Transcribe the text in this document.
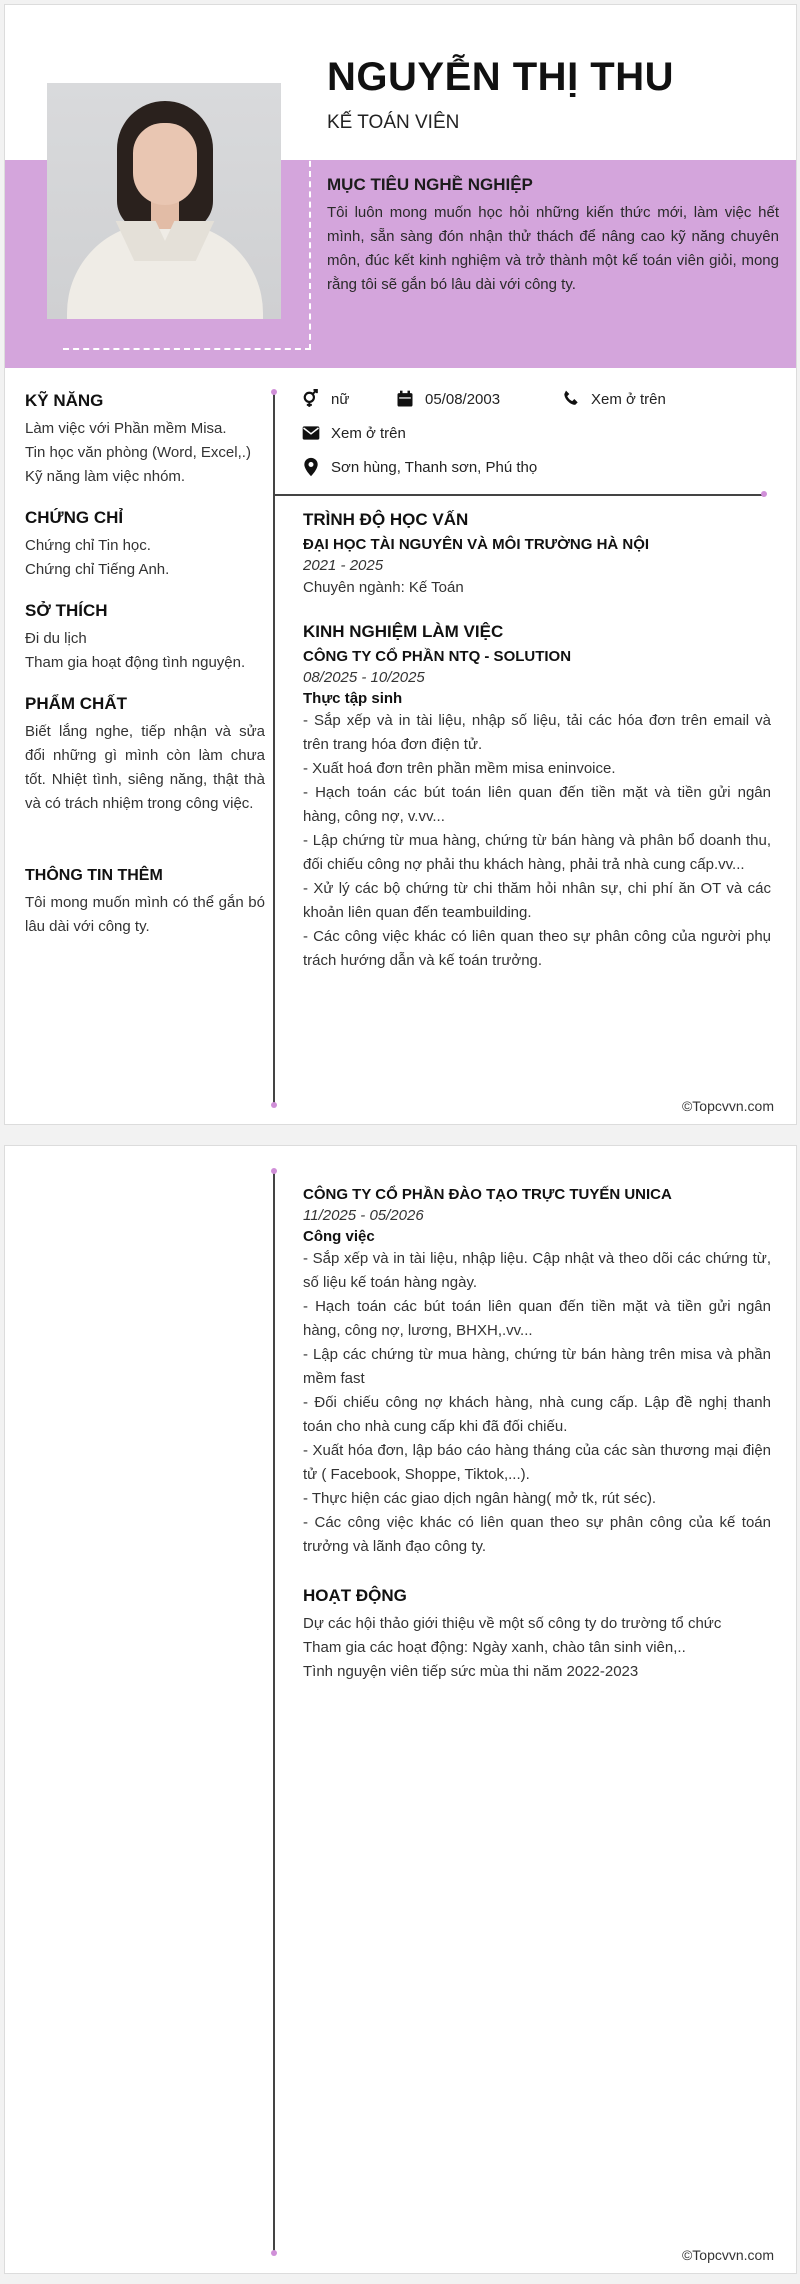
NGUYỄN THỊ THU
KẾ TOÁN VIÊN
MỤC TIÊU NGHỀ NGHIỆP
Tôi luôn mong muốn học hỏi những kiến thức mới, làm việc hết mình, sẵn sàng đón nhận thử thách để nâng cao kỹ năng chuyên môn, đúc kết kinh nghiệm và trở thành một kế toán viên giỏi, mong rằng tôi sẽ gắn bó lâu dài với công ty.
KỸ NĂNG
Làm việc với Phần mềm Misa.
Tin học văn phòng (Word, Excel,.)
Kỹ năng làm việc nhóm.
CHỨNG CHỈ
Chứng chỉ Tin học.
Chứng chỉ Tiếng Anh.
SỞ THÍCH
Đi du lịch
Tham gia hoạt động tình nguyện.
PHẨM CHẤT
Biết lắng nghe, tiếp nhận và sửa đổi những gì mình còn làm chưa tốt. Nhiệt tình, siêng năng, thật thà và có trách nhiệm trong công việc.
THÔNG TIN THÊM
Tôi mong muốn mình có thể gắn bó lâu dài với công ty.
nữ	05/08/2003	Xem ở trên
Xem ở trên
Sơn hùng, Thanh sơn, Phú thọ
TRÌNH ĐỘ HỌC VẤN
ĐẠI HỌC TÀI NGUYÊN VÀ MÔI TRƯỜNG HÀ NỘI
2021 - 2025
Chuyên ngành: Kế Toán
KINH NGHIỆM LÀM VIỆC
CÔNG TY CỔ PHẦN NTQ - SOLUTION
08/2025 - 10/2025
Thực tập sinh
- Sắp xếp và in tài liệu, nhập số liệu, tải các hóa đơn trên email và trên trang hóa đơn điện tử.
- Xuất hoá đơn trên phần mềm misa eninvoice.
- Hạch toán các bút toán liên quan đến tiền mặt và tiền gửi ngân hàng, công nợ, v.vv...
- Lập chứng từ mua hàng, chứng từ bán hàng và phân bổ doanh thu, đối chiếu công nợ phải thu khách hàng, phải trả nhà cung cấp.vv...
- Xử lý các bộ chứng từ chi thăm hỏi nhân sự, chi phí ăn OT và các khoản liên quan đến teambuilding.
- Các công việc khác có liên quan theo sự phân công của người phụ trách hướng dẫn và kế toán trưởng.
©Topcvvn.com
CÔNG TY CỔ PHẦN ĐÀO TẠO TRỰC TUYẾN UNICA
11/2025 - 05/2026
Công việc
- Sắp xếp và in tài liệu, nhập liệu. Cập nhật và theo dõi các chứng từ, số liệu kế toán hàng ngày.
- Hạch toán các bút toán liên quan đến tiền mặt và tiền gửi ngân hàng, công nợ, lương, BHXH,.vv...
- Lập các chứng từ mua hàng, chứng từ bán hàng trên misa và phần mềm fast
- Đối chiếu công nợ khách hàng, nhà cung cấp. Lập đề nghị thanh toán cho nhà cung cấp khi đã đối chiếu.
- Xuất hóa đơn, lập báo cáo hàng tháng của các sàn thương mại điện tử ( Facebook, Shoppe, Tiktok,...).
- Thực hiện các giao dịch ngân hàng( mở tk, rút séc).
- Các công việc khác có liên quan theo sự phân công của kế toán trưởng và lãnh đạo công ty.
HOẠT ĐỘNG
Dự các hội thảo giới thiệu về một số công ty do trường tổ chức
Tham gia các hoạt động: Ngày xanh, chào tân sinh viên,..
Tình nguyện viên tiếp sức mùa thi năm 2022-2023
©Topcvvn.com
